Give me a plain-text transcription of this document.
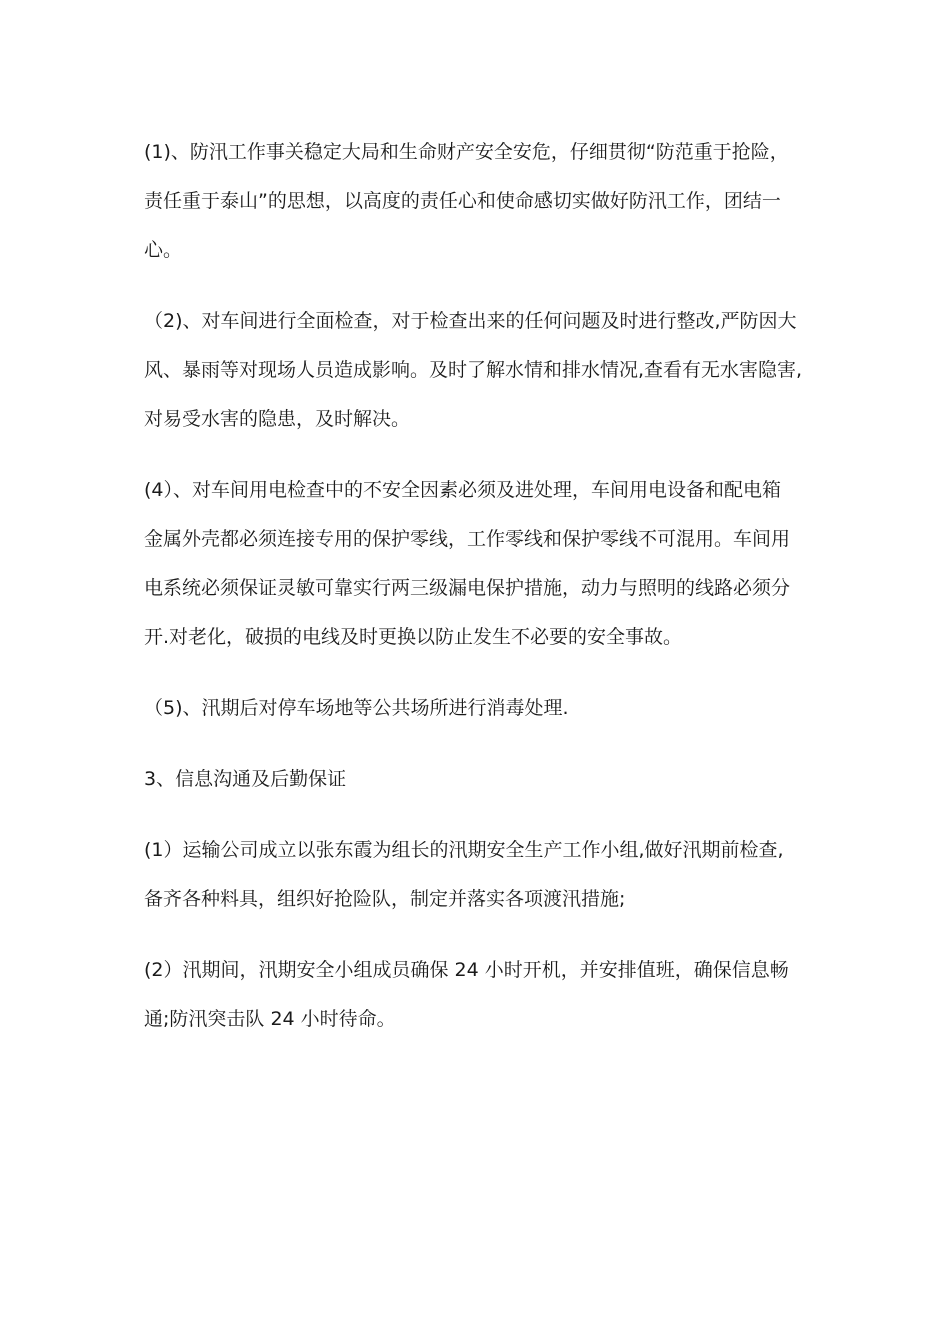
(1)、防汛工作事关稳定大局和生命财产安全安危，仔细贯彻“防范重于抢险，
责任重于泰山”的思想，以高度的责任心和使命感切实做好防汛工作，团结一
心。

（2)、对车间进行全面检查，对于检查出来的任何问题及时进行整改,严防因大
风、暴雨等对现场人员造成影响。及时了解水情和排水情况,查看有无水害隐害,
对易受水害的隐患，及时解决。

(4）、对车间用电检查中的不安全因素必须及进处理，车间用电设备和配电箱
金属外壳都必须连接专用的保护零线，工作零线和保护零线不可混用。车间用
电系统必须保证灵敏可靠实行两三级漏电保护措施，动力与照明的线路必须分
开.对老化，破损的电线及时更换以防止发生不必要的安全事故。

（5)、汛期后对停车场地等公共场所进行消毒处理.

3、信息沟通及后勤保证

(1）运输公司成立以张东霞为组长的汛期安全生产工作小组,做好汛期前检查,
备齐各种料具，组织好抢险队，制定并落实各项渡汛措施;

(2）汛期间，汛期安全小组成员确保 24 小时开机，并安排值班，确保信息畅
通;防汛突击队 24 小时待命。
